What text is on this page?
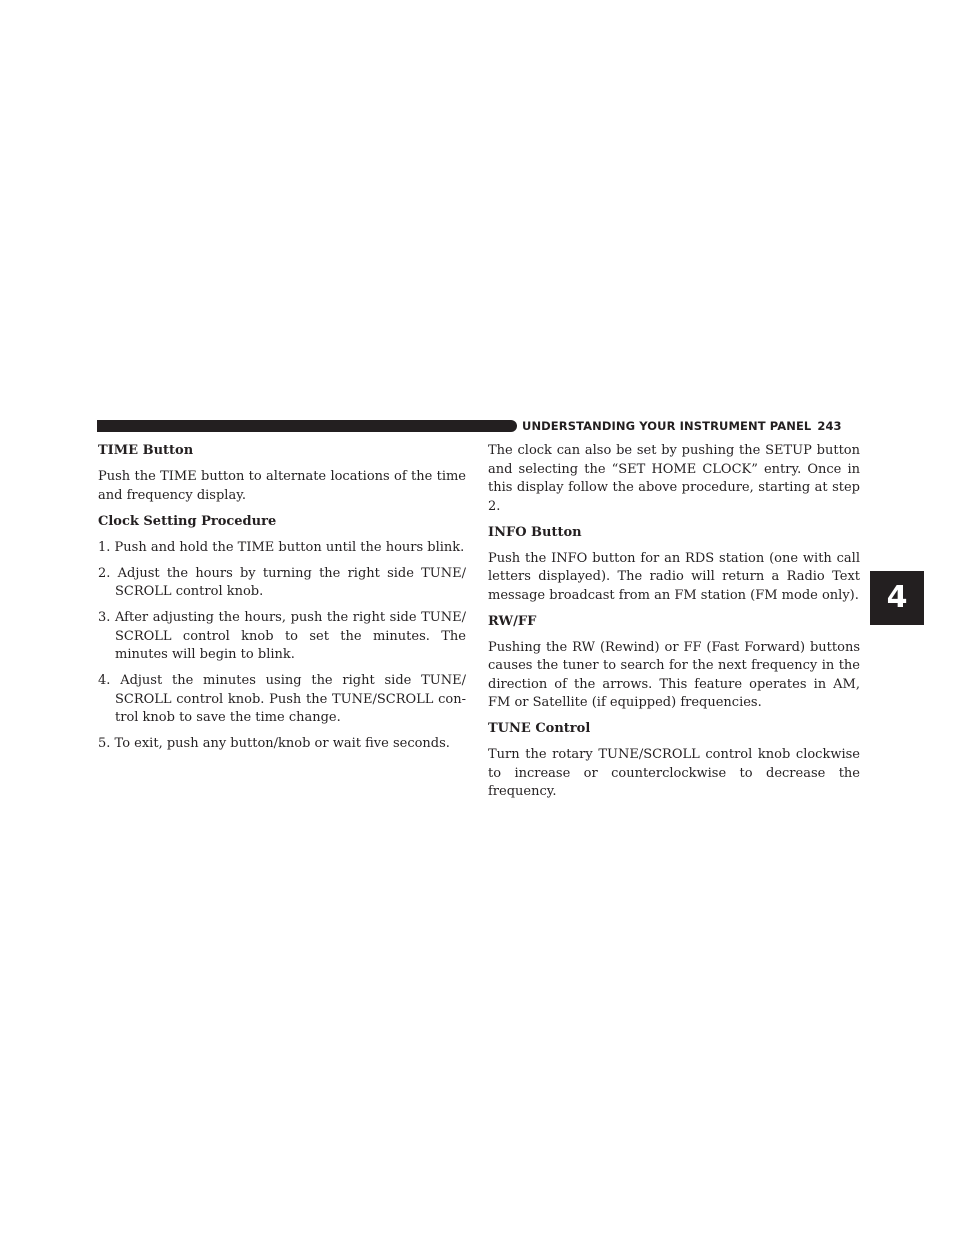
UNDERSTANDING YOUR INSTRUMENT PANEL 243
4
TIME Button

Push the TIME button to alternate locations of the time and frequency display.

Clock Setting Procedure

1. Push and hold the TIME button until the hours blink.

2. Adjust the hours by turning the right side TUNE/ SCROLL control knob.

3. After adjusting the hours, push the right side TUNE/ SCROLL control knob to set the minutes. The minutes will begin to blink.

4. Adjust the minutes using the right side TUNE/ SCROLL control knob. Push the TUNE/SCROLL con- trol knob to save the time change.

5. To exit, push any button/knob or wait five seconds.

The clock can also be set by pushing the SETUP button and selecting the “SET HOME CLOCK” entry. Once in this display follow the above procedure, starting at step 2.

INFO Button

Push the INFO button for an RDS station (one with call letters displayed). The radio will return a Radio Text message broadcast from an FM station (FM mode only).

RW/FF

Pushing the RW (Rewind) or FF (Fast Forward) buttons causes the tuner to search for the next frequency in the direction of the arrows. This feature operates in AM, FM or Satellite (if equipped) frequencies.

TUNE Control

Turn the rotary TUNE/SCROLL control knob clockwise to increase or counterclockwise to decrease the frequency.
